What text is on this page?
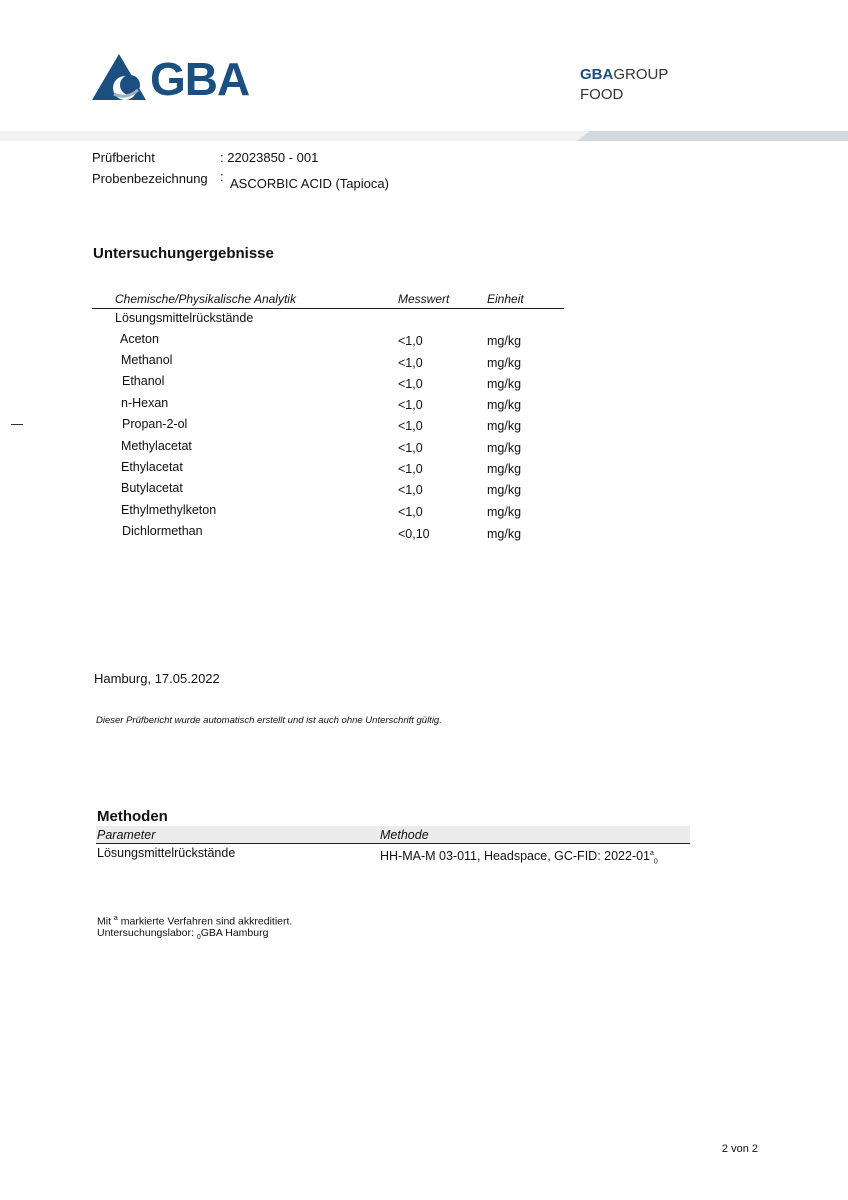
GBA	GBAGROUP
FOOD
Prüfbericht	: 22023850 - 001
Probenbezeichnung : ASCORBIC ACID (Tapioca)
Untersuchungergebnisse
Chemische/Physikalische Analytik	Messwert	Einheit
Lösungsmittelrückstände
Aceton	<1,0	mg/kg
Methanol	<1,0	mg/kg
Ethanol	<1,0	mg/kg
n-Hexan	<1,0	mg/kg
Propan-2-ol	<1,0	mg/kg
Methylacetat	<1,0	mg/kg
Ethylacetat	<1,0	mg/kg
Butylacetat	<1,0	mg/kg
Ethylmethylketon	<1,0	mg/kg
Dichlormethan	<0,10	mg/kg
Hamburg, 17.05.2022
Dieser Prüfbericht wurde automatisch erstellt und ist auch ohne Unterschrift gültig.
Methoden
Parameter	Methode
Lösungsmittelrückstände	HH-MA-M 03-011, Headspace, GC-FID: $2022-01^a_0$
Mit $^a$ markierte Verfahren sind akkreditiert.
Untersuchungslabor: $_0$GBA Hamburg
2 von 2
